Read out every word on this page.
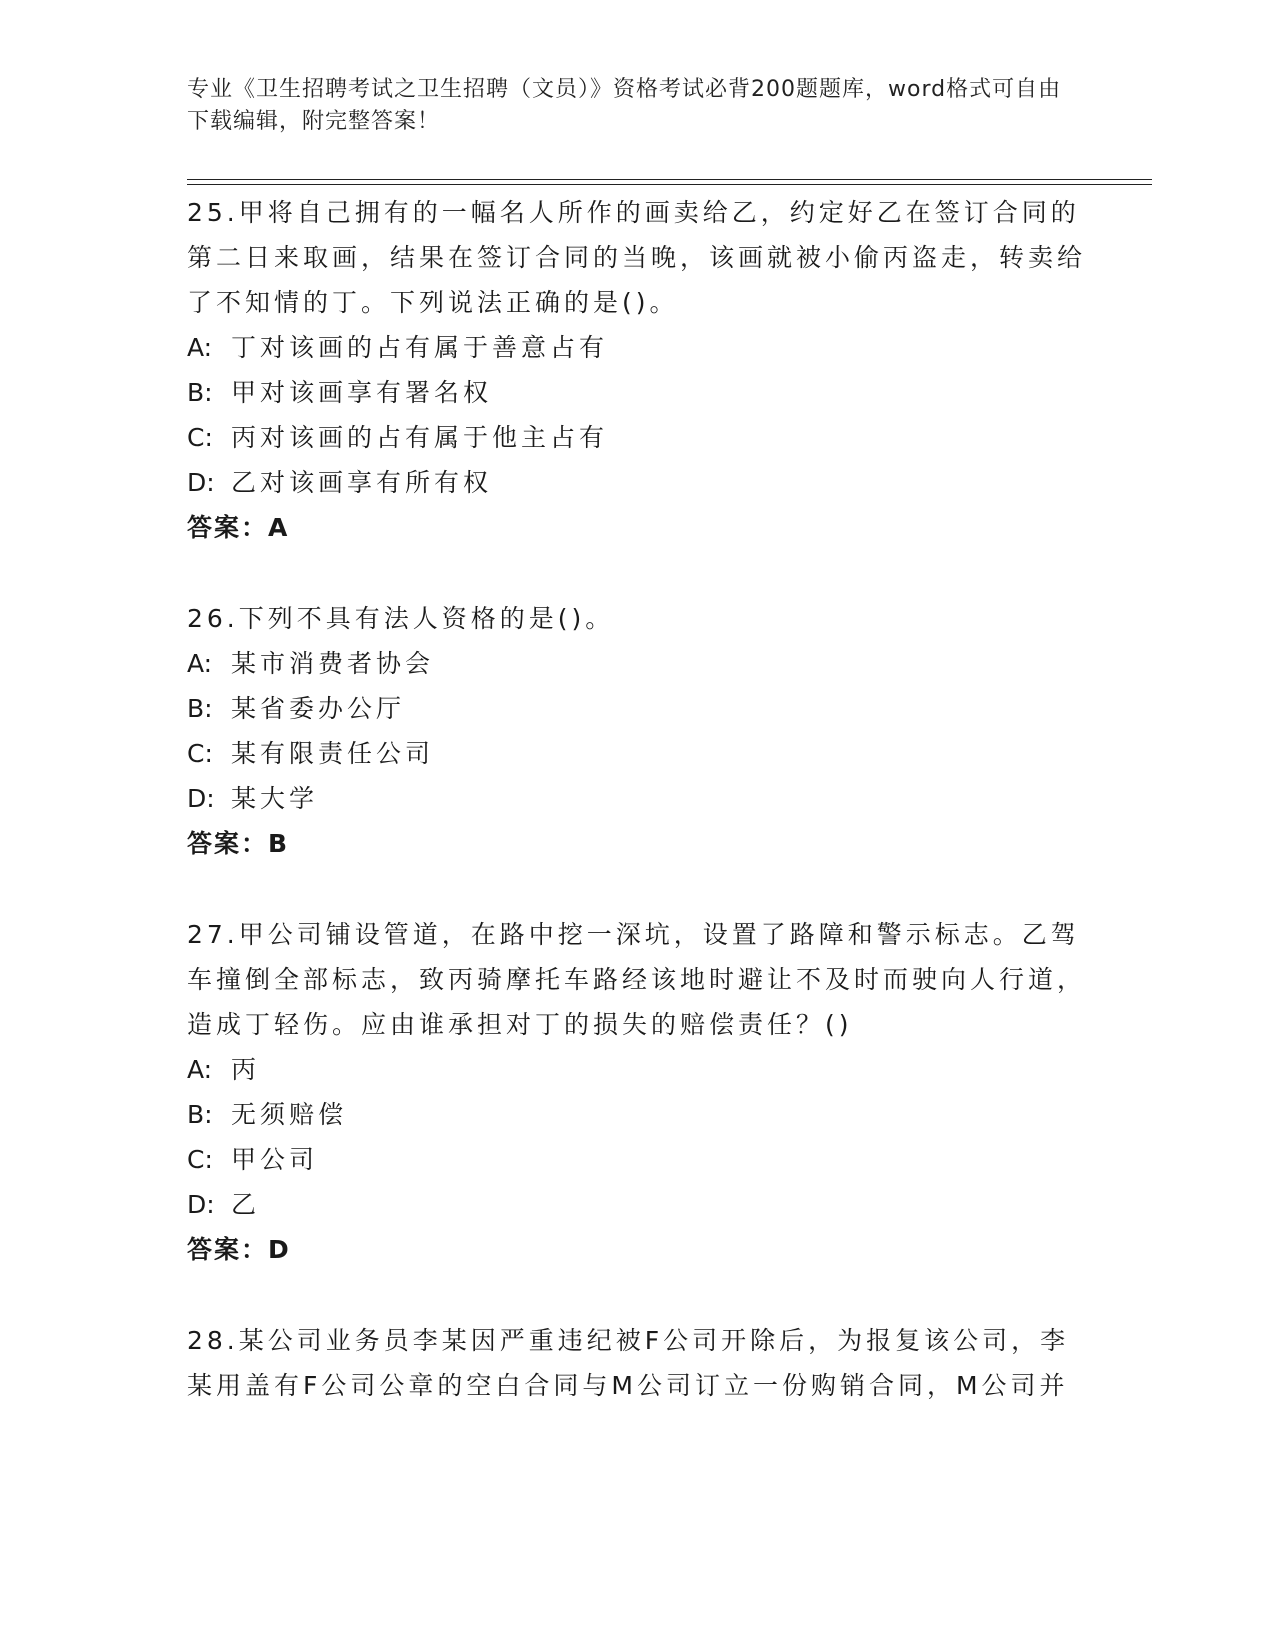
专业《卫生招聘考试之卫生招聘（文员）》资格考试必背200题题库，word格式可自由下载编辑，附完整答案！

25.甲将自己拥有的一幅名人所作的画卖给乙，约定好乙在签订合同的第二日来取画，结果在签订合同的当晚，该画就被小偷丙盗走，转卖给了不知情的丁。下列说法正确的是()。

A: 丁对该画的占有属于善意占有

B: 甲对该画享有署名权

C: 丙对该画的占有属于他主占有

D: 乙对该画享有所有权

答案：A

26.下列不具有法人资格的是()。

A: 某市消费者协会

B: 某省委办公厅

C: 某有限责任公司

D: 某大学

答案：B

27.甲公司铺设管道，在路中挖一深坑，设置了路障和警示标志。乙驾车撞倒全部标志，致丙骑摩托车路经该地时避让不及时而驶向人行道，造成丁轻伤。应由谁承担对丁的损失的赔偿责任？()

A: 丙

B: 无须赔偿

C: 甲公司

D: 乙

答案：D

28.某公司业务员李某因严重违纪被F公司开除后，为报复该公司，李某用盖有F公司公章的空白合同与M公司订立一份购销合同，M公司并
